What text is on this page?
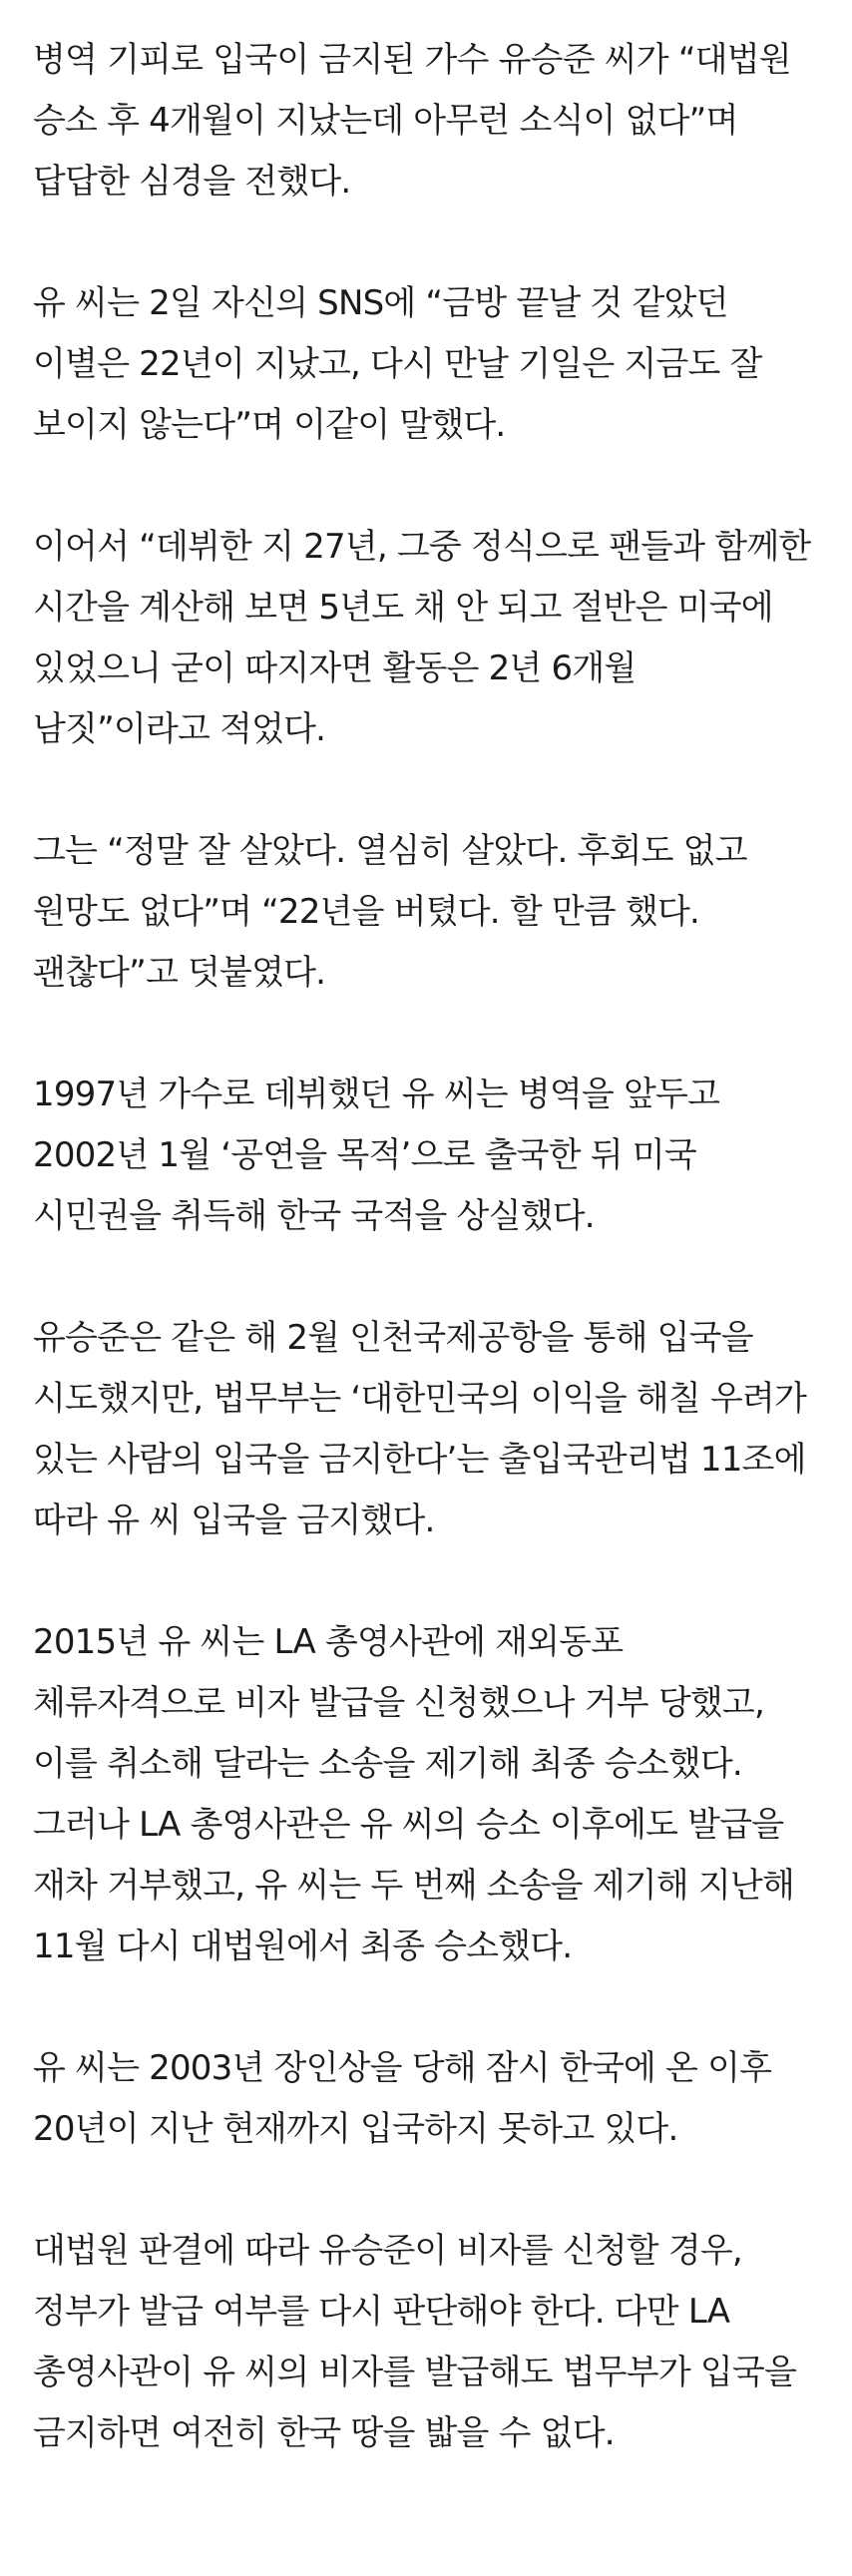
병역 기피로 입국이 금지된 가수 유승준 씨가 “대법원 승소 후 4개월이 지났는데 아무런 소식이 없다”며 답답한 심경을 전했다.

유 씨는 2일 자신의 SNS에 “금방 끝날 것 같았던 이별은 22년이 지났고, 다시 만날 기일은 지금도 잘 보이지 않는다”며 이같이 말했다.

이어서 “데뷔한 지 27년, 그중 정식으로 팬들과 함께한 시간을 계산해 보면 5년도 채 안 되고 절반은 미국에 있었으니 굳이 따지자면 활동은 2년 6개월 남짓”이라고 적었다.

그는 “정말 잘 살았다. 열심히 살았다. 후회도 없고 원망도 없다”며 “22년을 버텼다. 할 만큼 했다. 괜찮다”고 덧붙였다.

1997년 가수로 데뷔했던 유 씨는 병역을 앞두고 2002년 1월 ‘공연을 목적’으로 출국한 뒤 미국 시민권을 취득해 한국 국적을 상실했다.

유승준은 같은 해 2월 인천국제공항을 통해 입국을 시도했지만, 법무부는 ‘대한민국의 이익을 해칠 우려가 있는 사람의 입국을 금지한다’는 출입국관리법 11조에 따라 유 씨 입국을 금지했다.

2015년 유 씨는 LA 총영사관에 재외동포 체류자격으로 비자 발급을 신청했으나 거부 당했고, 이를 취소해 달라는 소송을 제기해 최종 승소했다. 그러나 LA 총영사관은 유 씨의 승소 이후에도 발급을 재차 거부했고, 유 씨는 두 번째 소송을 제기해 지난해 11월 다시 대법원에서 최종 승소했다.

유 씨는 2003년 장인상을 당해 잠시 한국에 온 이후 20년이 지난 현재까지 입국하지 못하고 있다.

대법원 판결에 따라 유승준이 비자를 신청할 경우, 정부가 발급 여부를 다시 판단해야 한다. 다만 LA 총영사관이 유 씨의 비자를 발급해도 법무부가 입국을 금지하면 여전히 한국 땅을 밟을 수 없다.
